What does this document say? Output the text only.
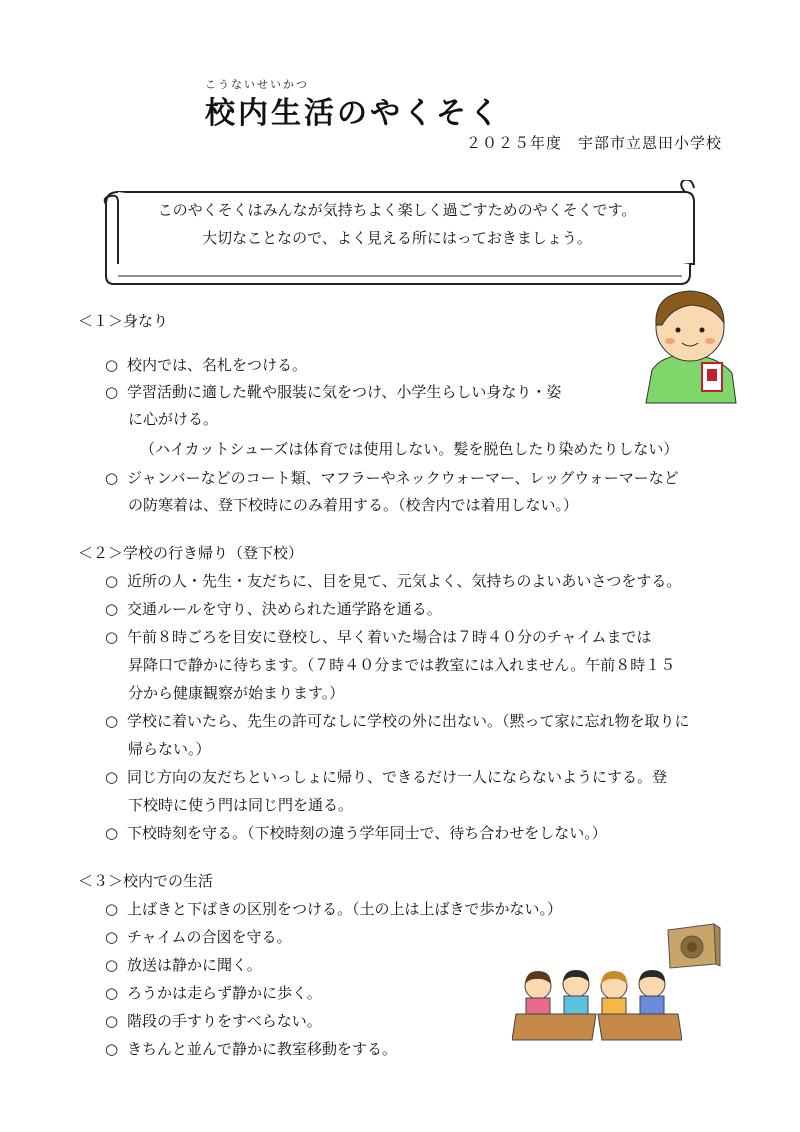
こうないせいかつ
校内生活のやくそく
２０２５年度　宇部市立恩田小学校
このやくそくはみんなが気持ちよく楽しく過ごすためのやくそくです。
大切なことなので、よく見える所にはっておきましょう。
＜１＞身なり
○ 校内では、名札をつける。
○ 学習活動に適した靴や服装に気をつけ、小学生らしい身なり・姿
に心がける。
（ハイカットシューズは体育では使用しない。髪を脱色したり染めたりしない）
○ ジャンバーなどのコート類、マフラーやネックウォーマー、レッグウォーマーなど
の防寒着は、登下校時にのみ着用する。（校舎内では着用しない。）
＜２＞学校の行き帰り（登下校）
○ 近所の人・先生・友だちに、目を見て、元気よく、気持ちのよいあいさつをする。
○ 交通ルールを守り、決められた通学路を通る。
○ 午前８時ごろを目安に登校し、早く着いた場合は７時４０分のチャイムまでは
昇降口で静かに待ちます。（７時４０分までは教室には入れません。午前８時１５
分から健康観察が始まります。）
○ 学校に着いたら、先生の許可なしに学校の外に出ない。（黙って家に忘れ物を取りに
帰らない。）
○ 同じ方向の友だちといっしょに帰り、できるだけ一人にならないようにする。登
下校時に使う門は同じ門を通る。
○ 下校時刻を守る。（下校時刻の違う学年同士で、待ち合わせをしない。）
＜３＞校内での生活
○ 上ばきと下ばきの区別をつける。（土の上は上ばきで歩かない。）
○ チャイムの合図を守る。
○ 放送は静かに聞く。
○ ろうかは走らず静かに歩く。
○ 階段の手すりをすべらない。
○ きちんと並んで静かに教室移動をする。
